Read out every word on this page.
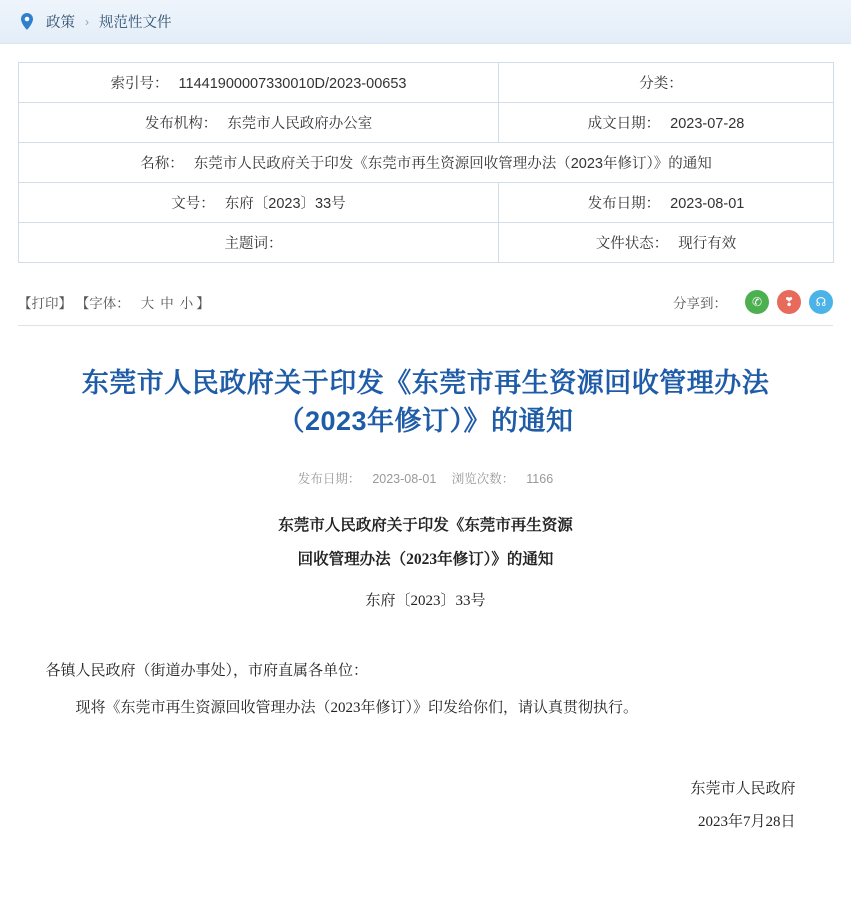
政策 › 规范性文件
索引号： 11441900007330010D/2023-00653	分类：

发布机构： 东莞市人民政府办公室	成文日期： 2023-07-28

名称： 东莞市人民政府关于印发《东莞市再生资源回收管理办法（2023年修订）》的通知	

文号： 东府〔2023〕33号	发布日期： 2023-08-01

主题词：	文件状态： 现行有效
【打印】 【字体： 大 中 小 】	分享到：	✆	❣	☊
东莞市人民政府关于印发《东莞市再生资源回收管理办法（2023年修订）》的通知
发布日期： 2023-08-01 浏览次数： 1166
东莞市人民政府关于印发《东莞市再生资源
回收管理办法（2023年修订）》的通知
东府〔2023〕33号

各镇人民政府（街道办事处），市府直属各单位：

现将《东莞市再生资源回收管理办法（2023年修订）》印发给你们，请认真贯彻执行。

东莞市人民政府
2023年7月28日
